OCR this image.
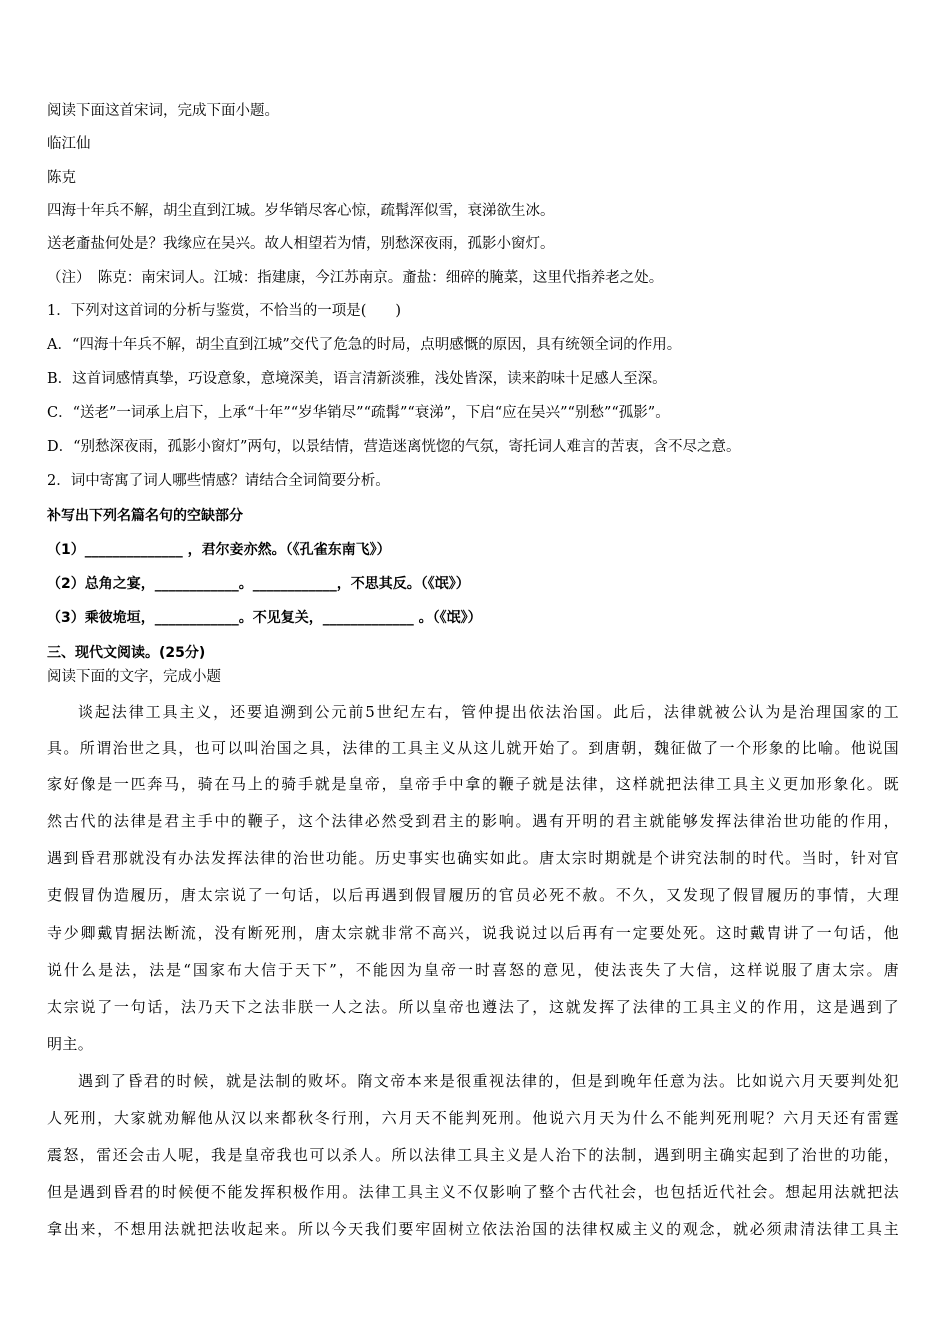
阅读下面这首宋词，完成下面小题。
临江仙
陈克
四海十年兵不解，胡尘直到江城。岁华销尽客心惊，疏髯浑似雪，衰涕欲生冰。
送老齑盐何处是？我缘应在吴兴。故人相望若为情，别愁深夜雨，孤影小窗灯。
（注）　陈克：南宋词人。江城：指建康，今江苏南京。齑盐：细碎的腌菜，这里代指养老之处。
1．下列对这首词的分析与鉴赏，不恰当的一项是(　　)
A．“四海十年兵不解，胡尘直到江城”交代了危急的时局，点明感慨的原因，具有统领全词的作用。
B．这首词感情真挚，巧设意象，意境深美，语言清新淡雅，浅处皆深，读来韵味十足感人至深。
C．“送老”一词承上启下，上承“十年”“岁华销尽”“疏髯”“衰涕”，下启“应在吴兴”“别愁”“孤影”。
D．“别愁深夜雨，孤影小窗灯”两句，以景结情，营造迷离恍惚的气氛，寄托词人难言的苦衷，含不尽之意。
2．词中寄寓了词人哪些情感？请结合全词简要分析。
补写出下列名篇名句的空缺部分
（1）______________ ，君尔妾亦然。（《孔雀东南飞》）
（2）总角之宴，____________。____________，不思其反。（《氓》）
（3）乘彼垝垣，____________。不见复关，_____________ 。（《氓》）
三、现代文阅读。(25分)
阅读下面的文字，完成小题
谈起法律工具主义，还要追溯到公元前5世纪左右，管仲提出依法治国。此后，法律就被公认为是治理国家的工
具。所谓治世之具，也可以叫治国之具，法律的工具主义从这儿就开始了。到唐朝，魏征做了一个形象的比喻。他说国
家好像是一匹奔马，骑在马上的骑手就是皇帝，皇帝手中拿的鞭子就是法律，这样就把法律工具主义更加形象化。既
然古代的法律是君主手中的鞭子，这个法律必然受到君主的影响。遇有开明的君主就能够发挥法律治世功能的作用，
遇到昏君那就没有办法发挥法律的治世功能。历史事实也确实如此。唐太宗时期就是个讲究法制的时代。当时，针对官
吏假冒伪造履历，唐太宗说了一句话，以后再遇到假冒履历的官员必死不赦。不久，又发现了假冒履历的事情，大理
寺少卿戴胄据法断流，没有断死刑，唐太宗就非常不高兴，说我说过以后再有一定要处死。这时戴胄讲了一句话，他
说什么是法，法是“国家布大信于天下”，不能因为皇帝一时喜怒的意见，使法丧失了大信，这样说服了唐太宗。唐
太宗说了一句话，法乃天下之法非朕一人之法。所以皇帝也遵法了，这就发挥了法律的工具主义的作用，这是遇到了
明主。
遇到了昏君的时候，就是法制的败坏。隋文帝本来是很重视法律的，但是到晚年任意为法。比如说六月天要判处犯
人死刑，大家就劝解他从汉以来都秋冬行刑，六月天不能判死刑。他说六月天为什么不能判死刑呢？六月天还有雷霆
震怒，雷还会击人呢，我是皇帝我也可以杀人。所以法律工具主义是人治下的法制，遇到明主确实起到了治世的功能，
但是遇到昏君的时候便不能发挥积极作用。法律工具主义不仅影响了整个古代社会，也包括近代社会。想起用法就把法
拿出来，不想用法就把法收起来。所以今天我们要牢固树立依法治国的法律权威主义的观念，就必须肃清法律工具主
